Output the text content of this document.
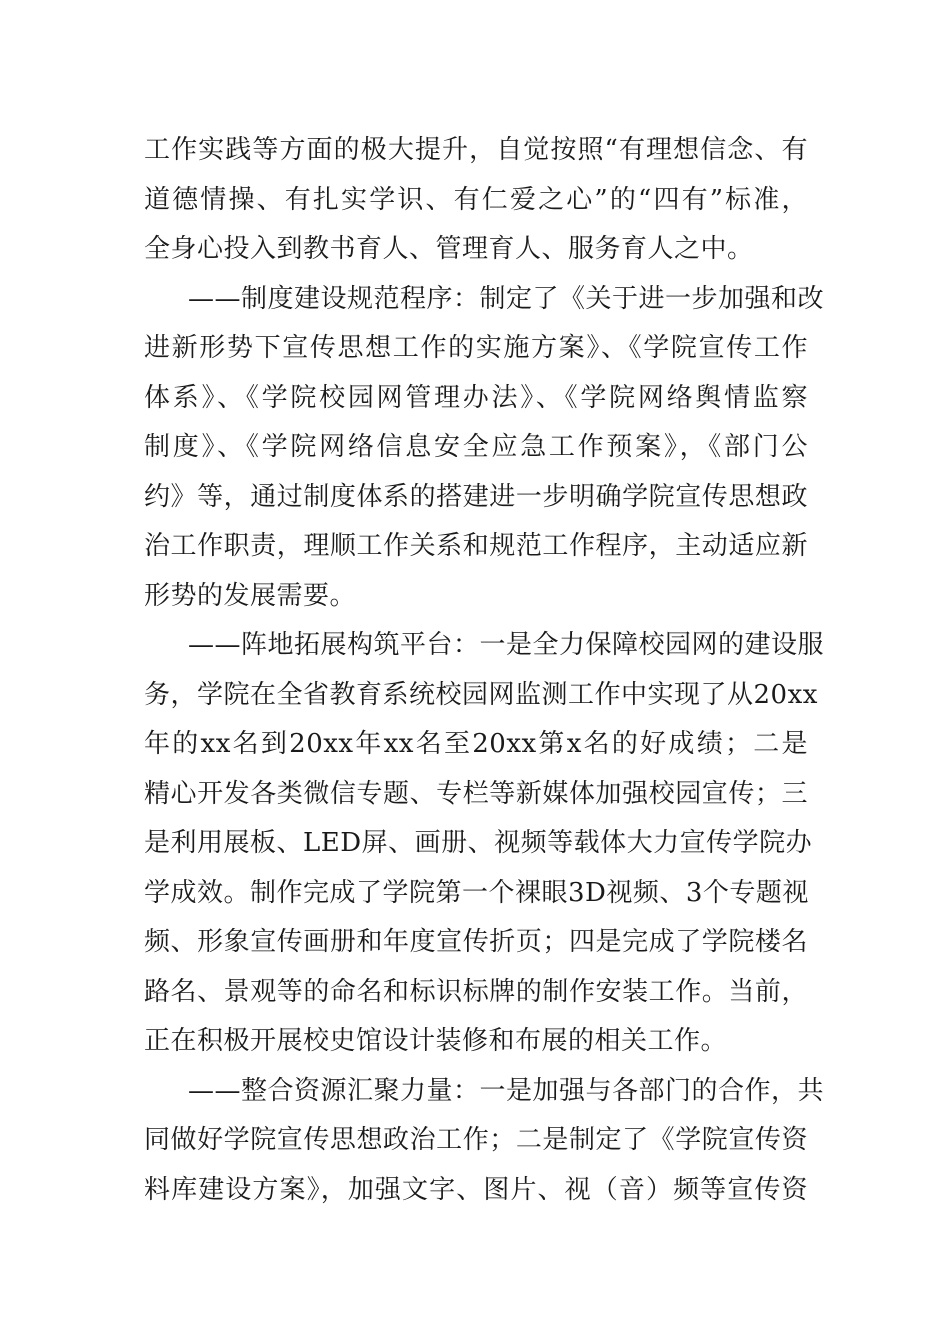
工作实践等方面的极大提升，自觉按照“有理想信念、有

道德情操、有扎实学识、有仁爱之心”的“四有”标准，

全身心投入到教书育人、管理育人、服务育人之中。

——制度建设规范程序：制定了《关于进一步加强和改

进新形势下宣传思想工作的实施方案》、《学院宣传工作

体系》、《学院校园网管理办法》、《学院网络舆情监察

制度》、《学院网络信息安全应急工作预案》，《部门公

约》等，通过制度体系的搭建进一步明确学院宣传思想政

治工作职责，理顺工作关系和规范工作程序，主动适应新

形势的发展需要。

——阵地拓展构筑平台：一是全力保障校园网的建设服

务，学院在全省教育系统校园网监测工作中实现了从20xx

年的xx名到20xx年xx名至20xx第x名的好成绩；二是

精心开发各类微信专题、专栏等新媒体加强校园宣传；三

是利用展板、LED屏、画册、视频等载体大力宣传学院办

学成效。制作完成了学院第一个裸眼3D视频、3个专题视

频、形象宣传画册和年度宣传折页；四是完成了学院楼名

路名、景观等的命名和标识标牌的制作安装工作。当前，

正在积极开展校史馆设计装修和布展的相关工作。

——整合资源汇聚力量：一是加强与各部门的合作，共

同做好学院宣传思想政治工作；二是制定了《学院宣传资

料库建设方案》，加强文字、图片、视（音）频等宣传资
